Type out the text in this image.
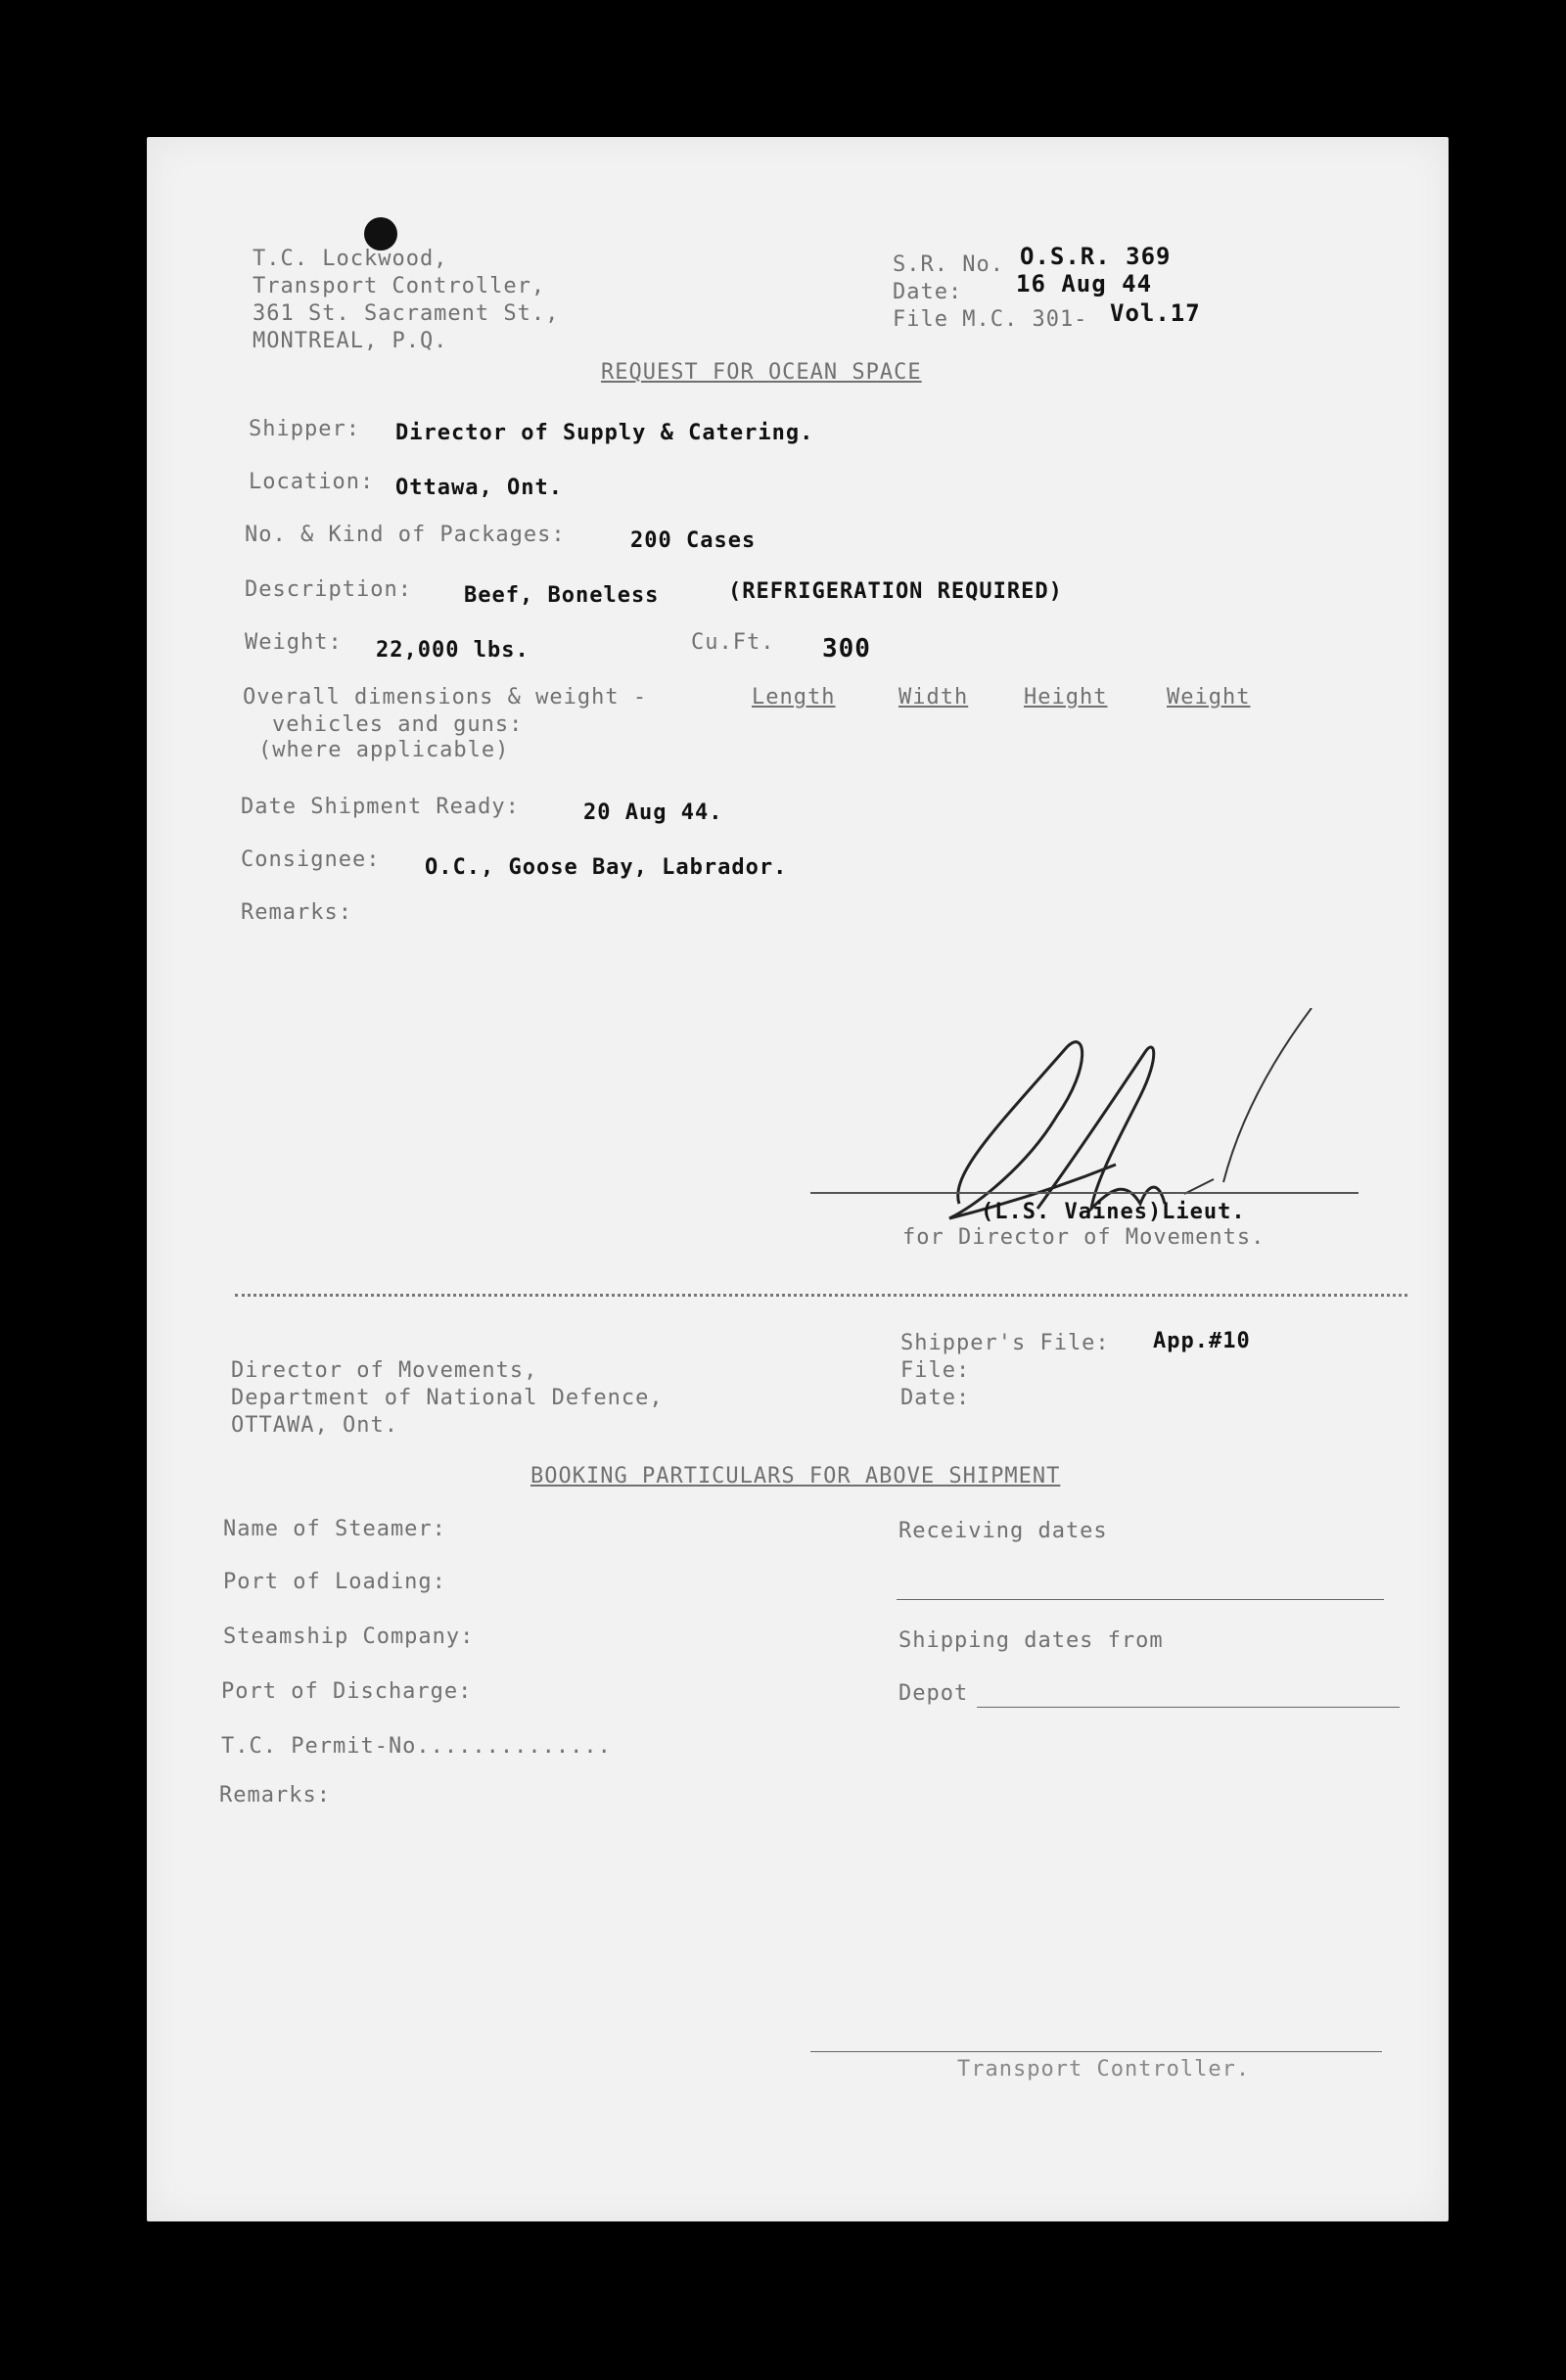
T.C. Lockwood,
Transport Controller,
361 St. Sacrament St.,
MONTREAL, P.Q.
S.R. No. O.S.R. 369
Date: 16 Aug 44
File M.C. 301- Vol.17
REQUEST FOR OCEAN SPACE
Shipper: Director of Supply & Catering.
Location: Ottawa, Ont.
No. & Kind of Packages:	200 Cases
Description: Beef, Boneless	(REFRIGERATION REQUIRED)
Weight: 22,000 lbs.	Cu.Ft. 300
Overall dimensions & weight -
vehicles and guns:
(where applicable)
Length	Width	Height	Weight
Date Shipment Ready:	20 Aug 44.
Consignee: O.C., Goose Bay, Labrador.
Remarks:
(L.S. Vaines)Lieut.
for Director of Movements.
Director of Movements,
Department of National Defence,
OTTAWA, Ont.
Shipper's File: App.#10
File:
Date:
BOOKING PARTICULARS FOR ABOVE SHIPMENT
Name of Steamer:
Port of Loading:
Steamship Company:
Port of Discharge:
T.C. Permit-No..............
Remarks:
Receiving dates
Shipping dates from
Depot
Transport Controller.
